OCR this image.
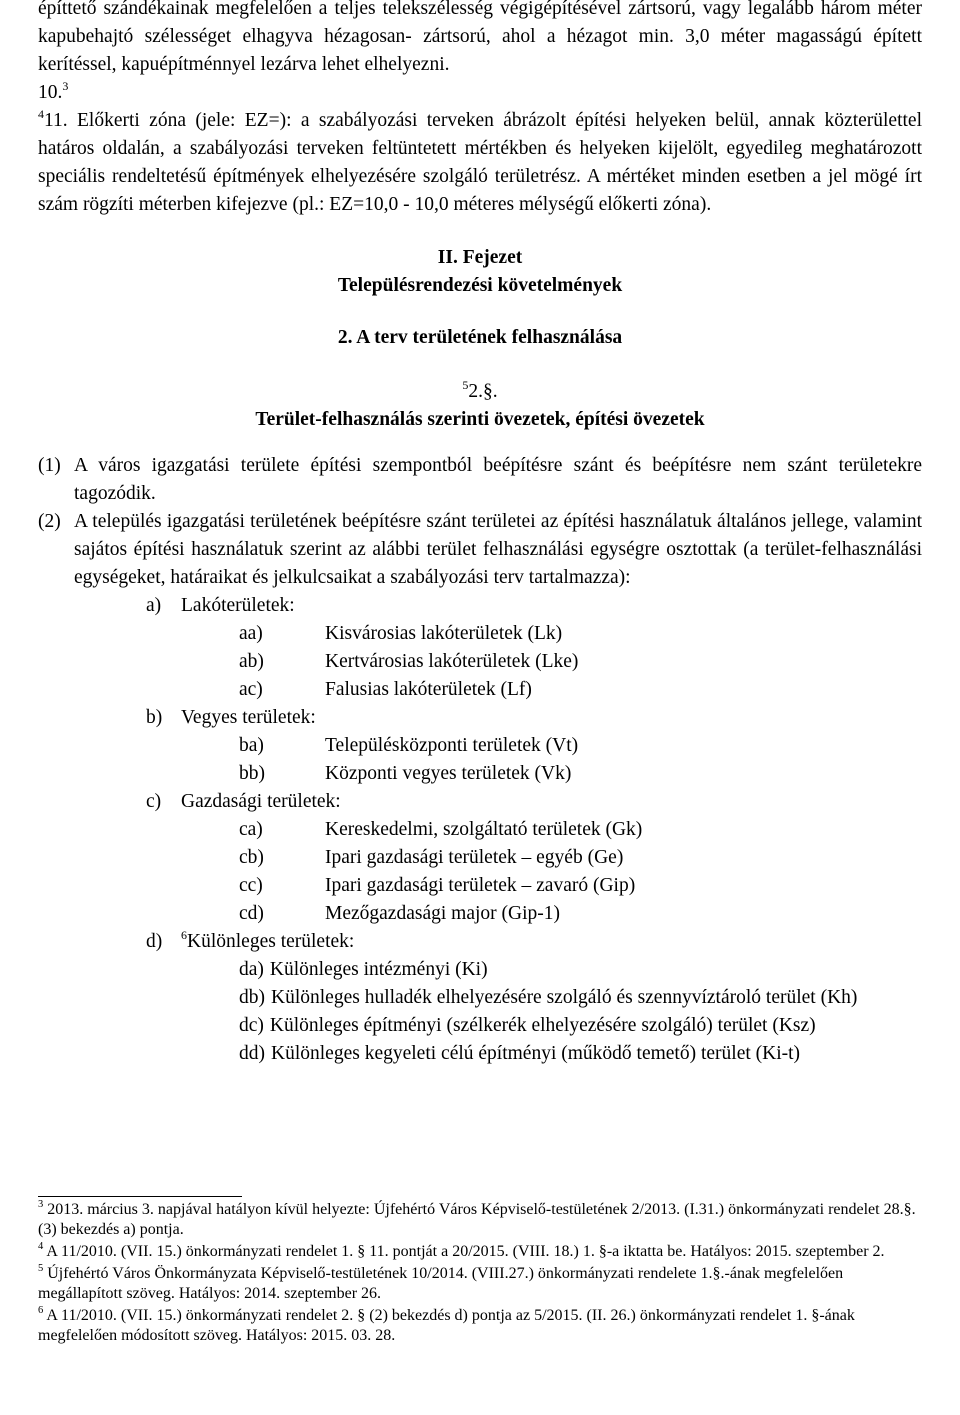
építtető szándékainak megfelelően a teljes telekszélesség végigépítésével zártsorú, vagy legalább három méter kapubehajtó szélességet elhagyva hézagosan- zártsorú, ahol a hézagot min. 3,0 méter magasságú épített kerítéssel, kapuépítménnyel lezárva lehet elhelyezni.

10.$^3$

$^4$11. Előkerti zóna (jele: EZ=): a szabályozási terveken ábrázolt építési helyeken belül, annak közterülettel határos oldalán, a szabályozási terveken feltüntetett mértékben és helyeken kijelölt, egyedileg meghatározott speciális rendeltetésű építmények elhelyezésére szolgáló területrész. A mértéket minden esetben a jel mögé írt szám rögzíti méterben kifejezve (pl.: EZ=10,0 - 10,0 méteres mélységű előkerti zóna).

II. Fejezet

Településrendezési követelmények

2. A terv területének felhasználása

$^5$2.§.

Terület-felhasználás szerinti övezetek, építési övezetek

(1) A város igazgatási területe építési szempontból beépítésre szánt és beépítésre nem szánt területekre tagozódik.
(2) A település igazgatási területének beépítésre szánt területei az építési használatuk általános jellege, valamint sajátos építési használatuk szerint az alábbi terület felhasználási egységre osztottak (a terület-felhasználási egységeket, határaikat és jelkulcsaikat a szabályozási terv tartalmazza):
a) Lakóterületek:
aa)	Kisvárosias lakóterületek (Lk)
ab)	Kertvárosias lakóterületek (Lke)
ac)	Falusias lakóterületek (Lf)
b) Vegyes területek:
ba)	Településközponti területek (Vt)
bb)	Központi vegyes területek (Vk)
c) Gazdasági területek:
ca)	Kereskedelmi, szolgáltató területek (Gk)
cb)	Ipari gazdasági területek – egyéb (Ge)
cc)	Ipari gazdasági területek – zavaró (Gip)
cd)	Mezőgazdasági major (Gip-1)
d) $^6$Különleges területek:
da) Különleges intézményi (Ki)
db) Különleges hulladék elhelyezésére szolgáló és szennyvíztároló terület (Kh)
dc) Különleges építményi (szélkerék elhelyezésére szolgáló) terület (Ksz)
dd) Különleges kegyeleti célú építményi (működő temető) terület (Ki-t)

$^3$ 2013. március 3. napjával hatályon kívül helyezte: Újfehértó Város Képviselő-testületének 2/2013. (I.31.) önkormányzati rendelet 28.§. (3) bekezdés a) pontja.

$^4$ A 11/2010. (VII. 15.) önkormányzati rendelet 1. § 11. pontját a 20/2015. (VIII. 18.) 1. §-a iktatta be. Hatályos: 2015. szeptember 2.

$^5$ Újfehértó Város Önkormányzata Képviselő-testületének 10/2014. (VIII.27.) önkormányzati rendelete 1.§.-ának megfelelően megállapított szöveg. Hatályos: 2014. szeptember 26.

$^6$ A 11/2010. (VII. 15.) önkormányzati rendelet 2. § (2) bekezdés d) pontja az 5/2015. (II. 26.) önkormányzati rendelet 1. §-ának megfelelően módosított szöveg. Hatályos: 2015. 03. 28.
